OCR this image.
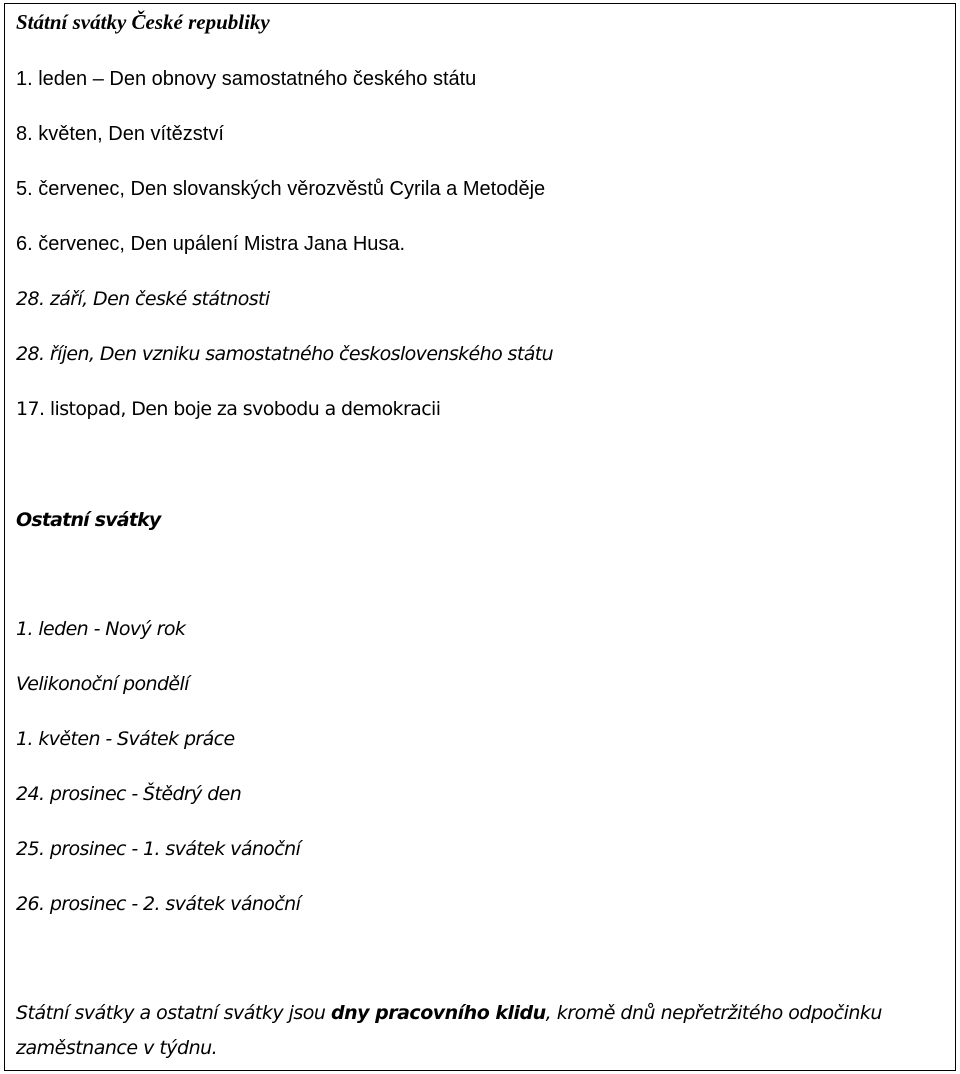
Státní svátky České republiky
1. leden – Den obnovy samostatného českého státu
8. květen, Den vítězství
5. červenec, Den slovanských věrozvěstů Cyrila a Metoděje
6. červenec, Den upálení Mistra Jana Husa.
28. září, Den české státnosti
28. říjen, Den vzniku samostatného československého státu
17. listopad, Den boje za svobodu a demokracii
Ostatní svátky
1. leden - Nový rok
Velikonoční pondělí
1. květen - Svátek práce
24. prosinec - Štědrý den
25. prosinec - 1. svátek vánoční
26. prosinec - 2. svátek vánoční
Státní svátky a ostatní svátky jsou dny pracovního klidu, kromě dnů nepřetržitého odpočinku zaměstnance v týdnu.
